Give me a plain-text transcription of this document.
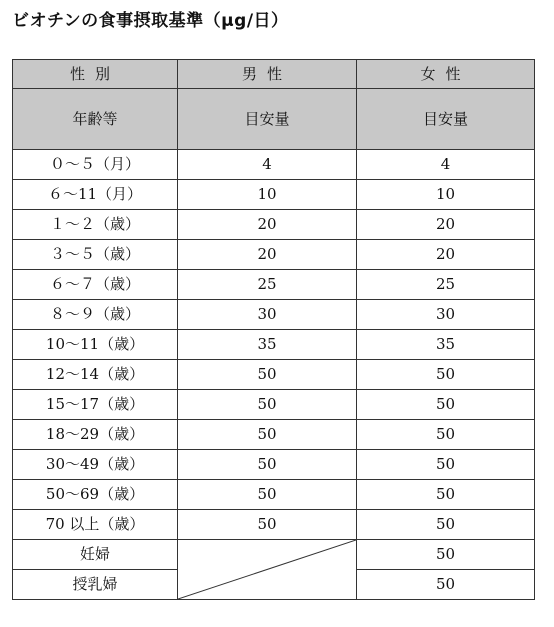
ビオチンの食事摂取基準（μg/日）
性別	男性	女性
年齢等	目安量	目安量
０～５（月）	4	4
６～11（月）	10	10
１～２（歳）	20	20
３～５（歳）	20	20
６～７（歳）	25	25
８～９（歳）	30	30
10～11（歳）	35	35
12～14（歳）	50	50
15～17（歳）	50	50
18～29（歳）	50	50
30～49（歳）	50	50
50～69（歳）	50	50
70 以上（歳）	50	50
妊婦		50
授乳婦		50
